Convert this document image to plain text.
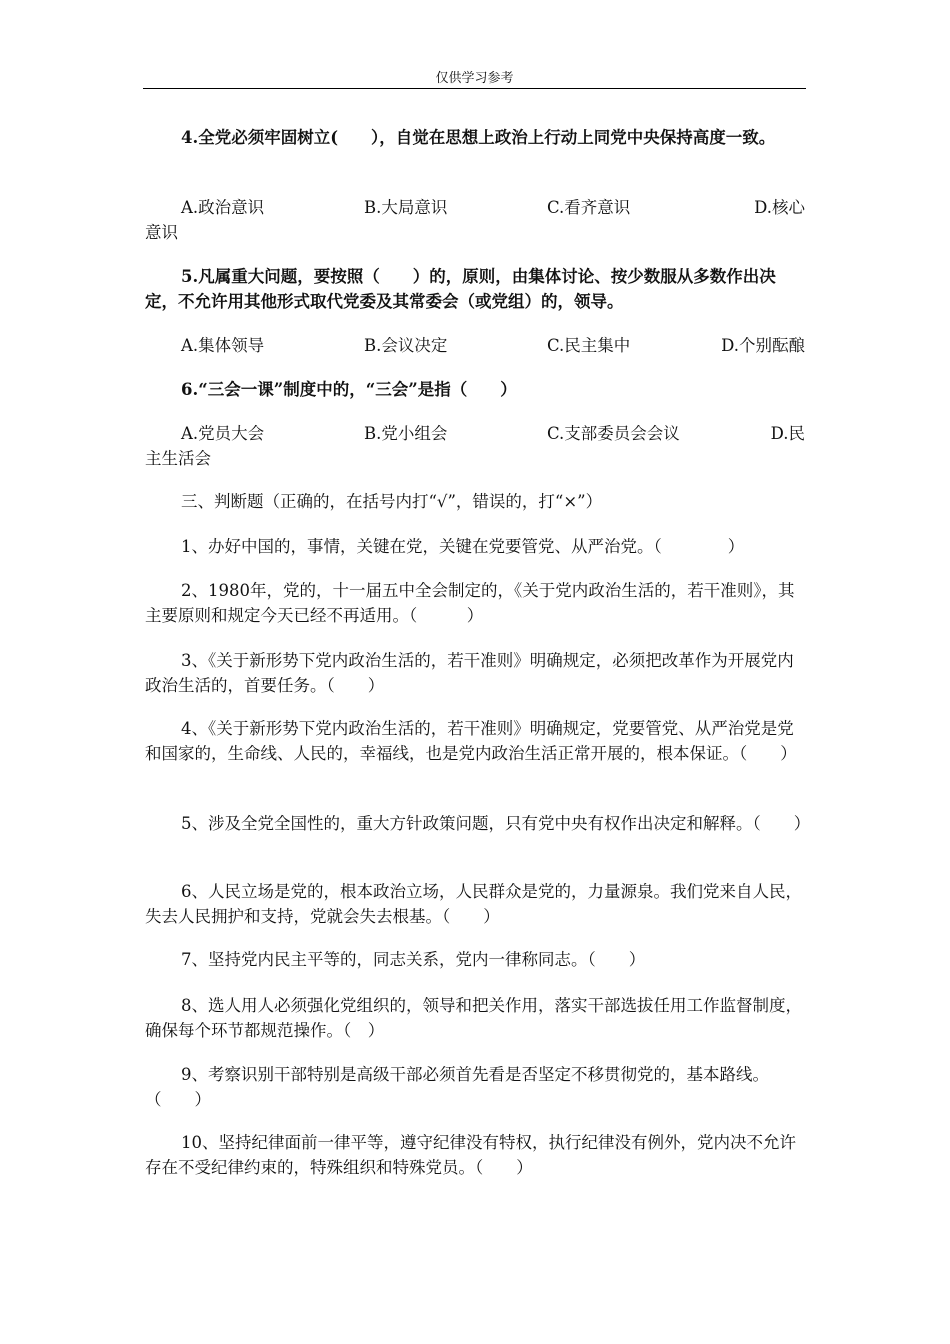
仅供学习参考
4.全党必须牢固树立(　　），自觉在思想上政治上行动上同党中央保持高度一致。
A.政治意识	B.大局意识	C.看齐意识	D.核心
意识
5.凡属重大问题，要按照（　　）的，原则，由集体讨论、按少数服从多数作出决定，不允许用其他形式取代党委及其常委会（或党组）的，领导。
A.集体领导	B.会议决定	C.民主集中	D.个别酝酿
6.“三会一课”制度中的，“三会”是指（　　）
A.党员大会	B.党小组会	C.支部委员会会议	D.民
主生活会
三、判断题（正确的，在括号内打“√”，错误的，打“×”）
1、办好中国的，事情，关键在党，关键在党要管党、从严治党。（　　　　）
2、1980年，党的，十一届五中全会制定的，《关于党内政治生活的，若干准则》，其主要原则和规定今天已经不再适用。（　　　）
3、《关于新形势下党内政治生活的，若干准则》明确规定，必须把改革作为开展党内政治生活的，首要任务。（　　）
4、《关于新形势下党内政治生活的，若干准则》明确规定，党要管党、从严治党是党和国家的，生命线、人民的，幸福线，也是党内政治生活正常开展的，根本保证。（　　）
5、涉及全党全国性的，重大方针政策问题，只有党中央有权作出决定和解释。（　　）
6、人民立场是党的，根本政治立场，人民群众是党的，力量源泉。我们党来自人民，失去人民拥护和支持，党就会失去根基。（　　）
7、坚持党内民主平等的，同志关系，党内一律称同志。（　　）
8、选人用人必须强化党组织的，领导和把关作用，落实干部选拔任用工作监督制度，确保每个环节都规范操作。（　）
9、考察识别干部特别是高级干部必须首先看是否坚定不移贯彻党的，基本路线。（　　）
10、坚持纪律面前一律平等，遵守纪律没有特权，执行纪律没有例外，党内决不允许存在不受纪律约束的，特殊组织和特殊党员。（　　）
